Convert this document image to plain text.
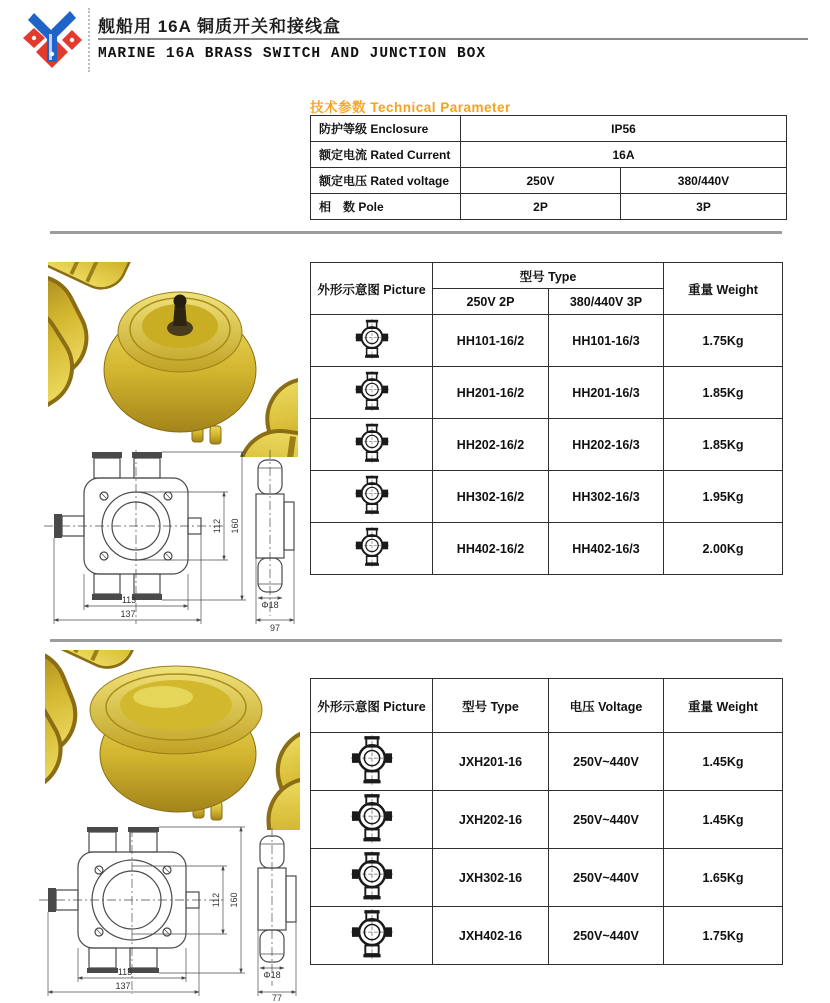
舰船用 16A 铜质开关和接线盒
MARINE 16A BRASS SWITCH AND JUNCTION BOX
技术参数 Technical Parameter
防护等级 Enclosure	IP56	
额定电流 Rated Current	16A	
额定电压 Rated voltage	250V	380/440V
相　数 Pole	2P	3P
113
137
112 160
Φ18
97
外形示意图 Picture	型号 Type		重量 Weight
	250V 2P	380/440V 3P	
	HH101-16/2	HH101-16/3	1.75Kg
	HH201-16/2	HH201-16/3	1.85Kg
	HH202-16/2	HH202-16/3	1.85Kg
	HH302-16/2	HH302-16/3	1.95Kg
	HH402-16/2	HH402-16/3	2.00Kg
113
137
112 160
Φ18
77
外形示意图 Picture	型号 Type	电压 Voltage	重量 Weight
	JXH201-16	250V~440V	1.45Kg
	JXH202-16	250V~440V	1.45Kg
	JXH302-16	250V~440V	1.65Kg
	JXH402-16	250V~440V	1.75Kg
